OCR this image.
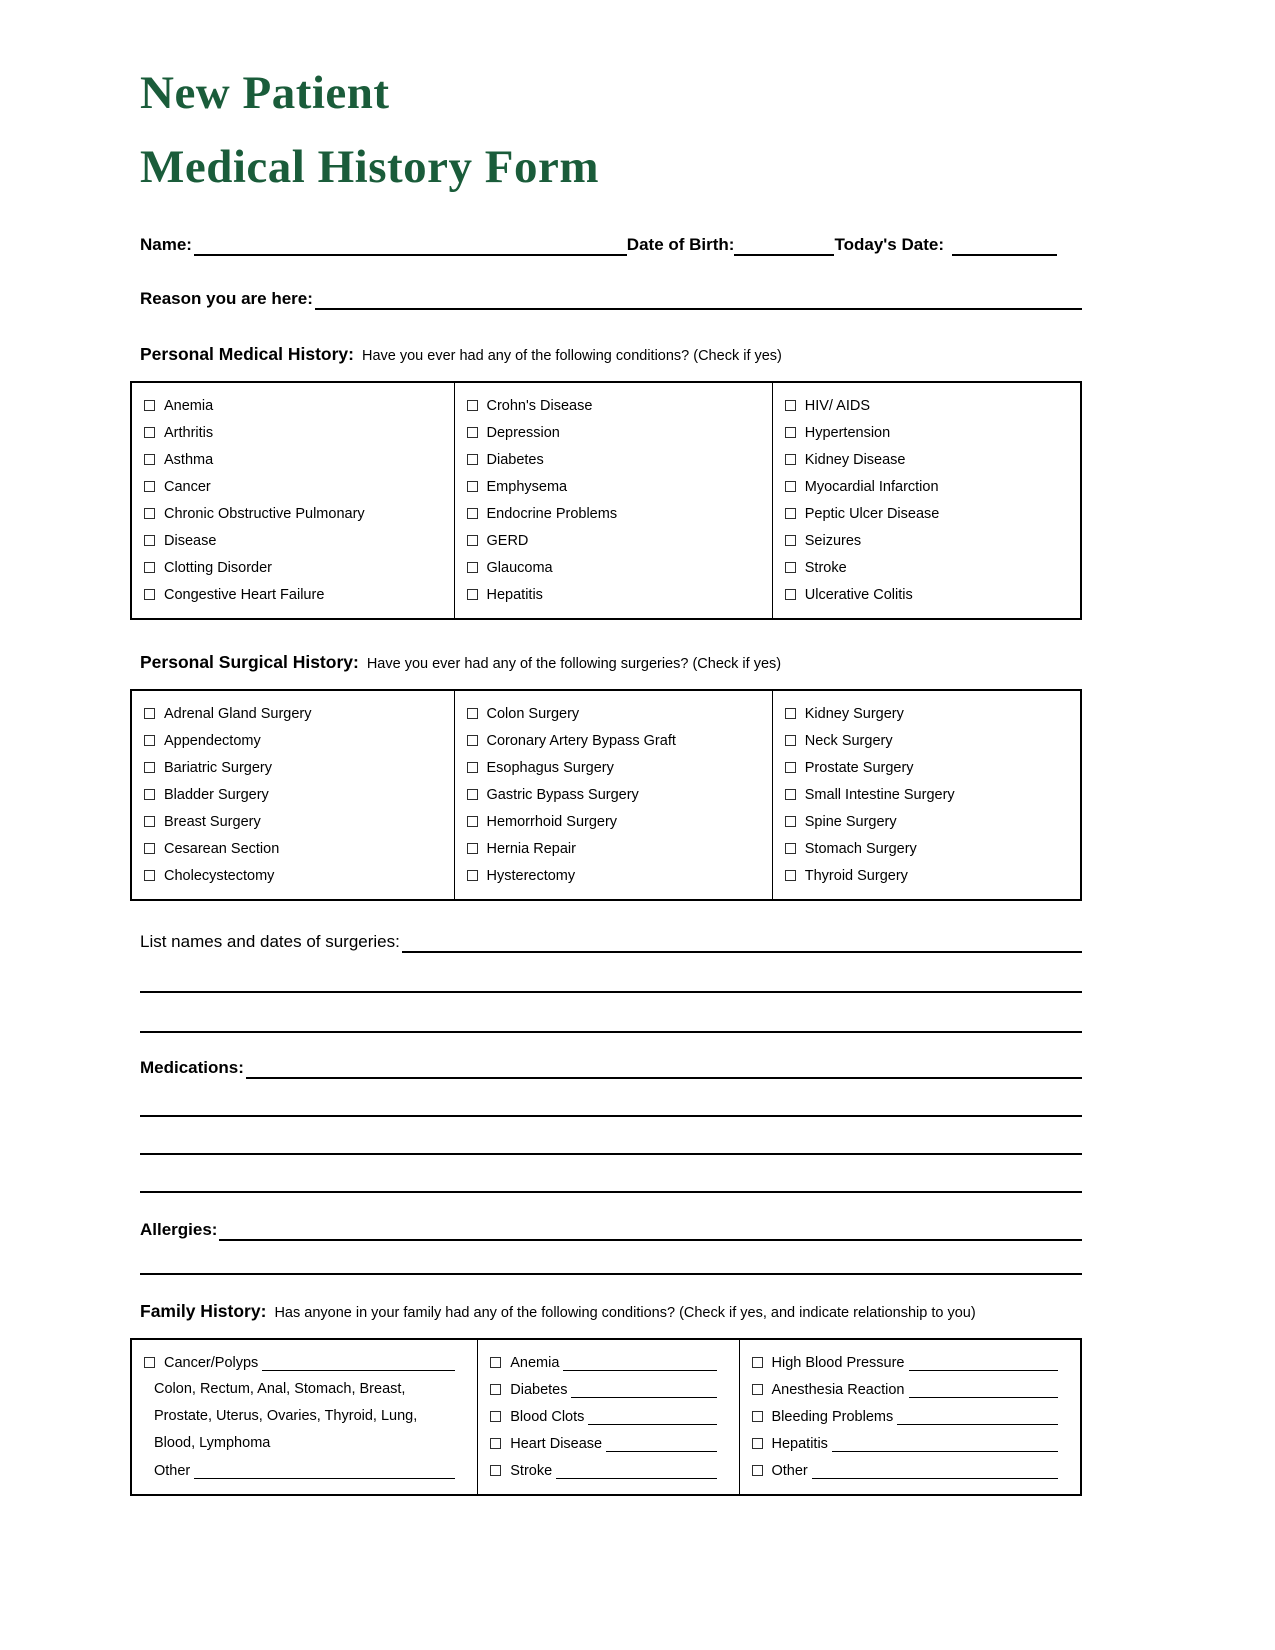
New Patient
Medical History Form
Name:	Date of Birth:	Today's Date:
Reason you are here:
Personal Medical History: Have you ever had any of the following conditions? (Check if yes)
Anemia
Arthritis
Asthma
Cancer
Chronic Obstructive Pulmonary
Disease
Clotting Disorder
Congestive Heart Failure

Crohn's Disease
Depression
Diabetes
Emphysema
Endocrine Problems
GERD
Glaucoma
Hepatitis

HIV/ AIDS
Hypertension
Kidney Disease
Myocardial Infarction
Peptic Ulcer Disease
Seizures
Stroke
Ulcerative Colitis
Personal Surgical History: Have you ever had any of the following surgeries? (Check if yes)
Adrenal Gland Surgery
Appendectomy
Bariatric Surgery
Bladder Surgery
Breast Surgery
Cesarean Section
Cholecystectomy

Colon Surgery
Coronary Artery Bypass Graft
Esophagus Surgery
Gastric Bypass Surgery
Hemorrhoid Surgery
Hernia Repair
Hysterectomy

Kidney Surgery
Neck Surgery
Prostate Surgery
Small Intestine Surgery
Spine Surgery
Stomach Surgery
Thyroid Surgery
List names and dates of surgeries:
Medications:
Allergies:
Family History: Has anyone in your family had any of the following conditions? (Check if yes, and indicate relationship to you)
Cancer/Polyps
Colon, Rectum, Anal, Stomach, Breast,
Prostate, Uterus, Ovaries, Thyroid, Lung,
Blood, Lymphoma
Other

Anemia
Diabetes
Blood Clots
Heart Disease
Stroke

High Blood Pressure
Anesthesia Reaction
Bleeding Problems
Hepatitis
Other
